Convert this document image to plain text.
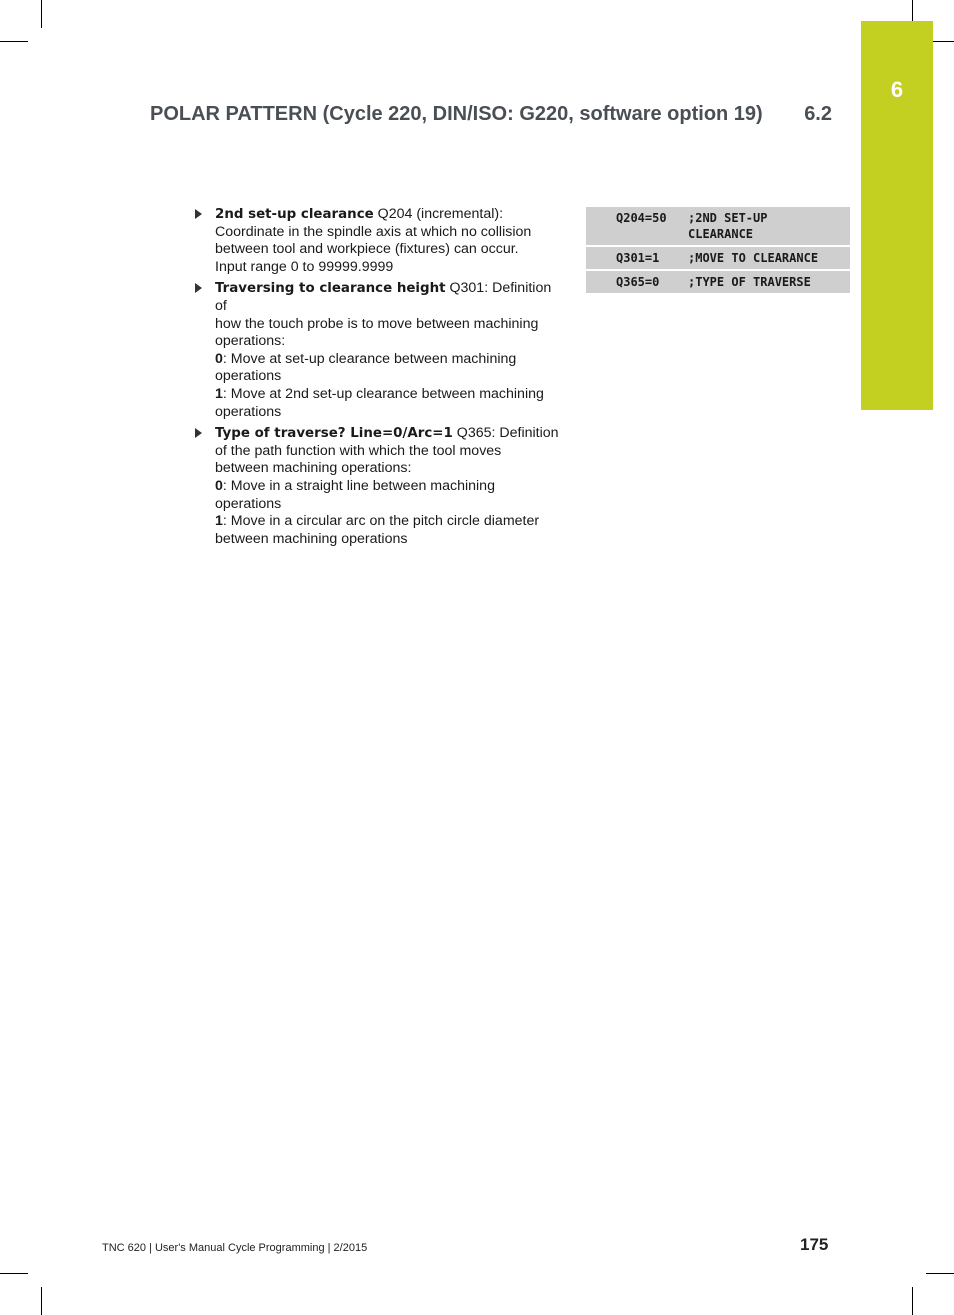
6
POLAR PATTERN (Cycle 220, DIN/ISO: G220, software option 19) 6.2
2nd set-up clearance Q204 (incremental):
Coordinate in the spindle axis at which no collision
between tool and workpiece (fixtures) can occur.
Input range 0 to 99999.9999
Traversing to clearance height Q301: Definition of
how the touch probe is to move between machining
operations:
0: Move at set-up clearance between machining
operations
1: Move at 2nd set-up clearance between machining
operations
Type of traverse? Line=0/Arc=1 Q365: Definition
of the path function with which the tool moves
between machining operations:
0: Move in a straight line between machining
operations
1: Move in a circular arc on the pitch circle diameter
between machining operations
Q204=50	;2ND SET-UP
CLEARANCE
Q301=1	;MOVE TO CLEARANCE
Q365=0	;TYPE OF TRAVERSE
TNC 620 | User's Manual Cycle Programming | 2/2015	175
